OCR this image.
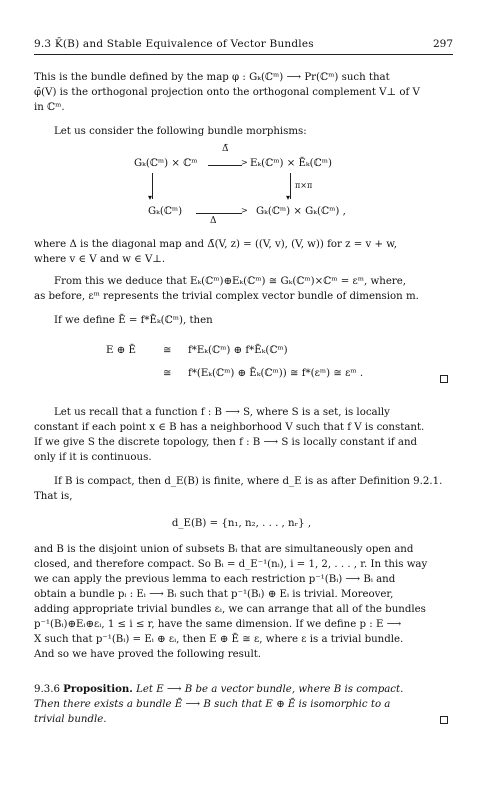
9.3 K̄(B) and Stable Equivalence of Vector Bundles	297
This is the bundle defined by the map φ : Gₖ(ℂᵐ) ⟶ Pr(ℂᵐ) such that
φ̄(V) is the orthogonal projection onto the orthogonal complement V⊥ of V
in ℂᵐ.
Let us consider the following bundle morphisms:
Gₖ(ℂᵐ) × ℂᵐ
Δ̄
> Eₖ(ℂᵐ) × Ēₖ(ℂᵐ)
▾	▾
π×π
Gₖ(ℂᵐ)	>
Δ
Gₖ(ℂᵐ) × Gₖ(ℂᵐ) ,
where Δ is the diagonal map and Δ̄(V, z) = ((V, v), (V, w)) for z = v + w,
where v ∈ V and w ∈ V⊥.
From this we deduce that Eₖ(ℂᵐ)⊕Eₖ(ℂᵐ) ≅ Gₖ(ℂᵐ)×ℂᵐ = εᵐ, where,
as before, εᵐ represents the trivial complex vector bundle of dimension m.
If we define Ē = f*Ēₖ(ℂᵐ), then
E ⊕ Ē	≅ f*Eₖ(ℂᵐ) ⊕ f*Ēₖ(ℂᵐ)
≅ f*(Eₖ(ℂᵐ) ⊕ Ēₖ(ℂᵐ)) ≅ f*(εᵐ) ≅ εᵐ .
Let us recall that a function f : B ⟶ S, where S is a set, is locally
constant if each point x ∈ B has a neighborhood V such that f V is constant.
If we give S the discrete topology, then f : B ⟶ S is locally constant if and
only if it is continuous.
If B is compact, then d_E(B) is finite, where d_E is as after Definition 9.2.1.
That is,
d_E(B) = {n₁, n₂, . . . , nᵣ} ,
and B is the disjoint union of subsets Bᵢ that are simultaneously open and
closed, and therefore compact. So Bᵢ = d_E⁻¹(nᵢ), i = 1, 2, . . . , r. In this way
we can apply the previous lemma to each restriction p⁻¹(Bᵢ) ⟶ Bᵢ and
obtain a bundle pᵢ : Eᵢ ⟶ Bᵢ such that p⁻¹(Bᵢ) ⊕ Eᵢ is trivial. Moreover,
adding appropriate trivial bundles εᵢ, we can arrange that all of the bundles
p⁻¹(Bᵢ)⊕Eᵢ⊕εᵢ, 1 ≤ i ≤ r, have the same dimension. If we define p : E ⟶
X such that p⁻¹(Bᵢ) = Eᵢ ⊕ εᵢ, then E ⊕ Ē ≅ ε, where ε is a trivial bundle.
And so we have proved the following result.
9.3.6 Proposition. Let E ⟶ B be a vector bundle, where B is compact.
Then there exists a bundle Ē ⟶ B such that E ⊕ Ē is isomorphic to a
trivial bundle.
